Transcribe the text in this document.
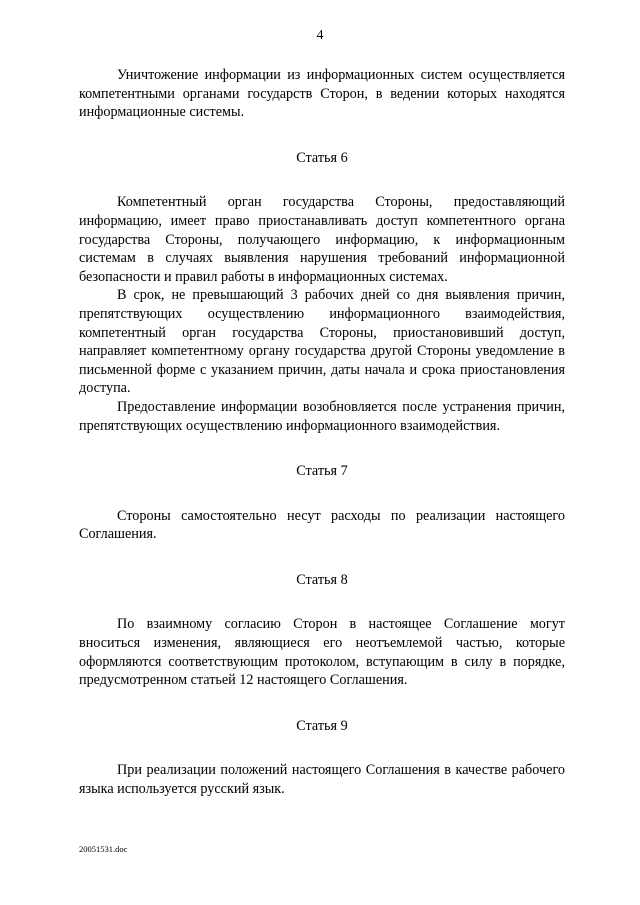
4

Уничтожение информации из информационных систем осуществляется компетентными органами государств Сторон, в ведении которых находятся информационные системы.

Статья 6

Компетентный орган государства Стороны, предоставляющий информацию, имеет право приостанавливать доступ компетентного органа государства Стороны, получающего информацию, к информационным системам в случаях выявления нарушения требований информационной безопасности и правил работы в информационных системах.

В срок, не превышающий 3 рабочих дней со дня выявления причин, препятствующих осуществлению информационного взаимодействия, компетентный орган государства Стороны, приостановивший доступ, направляет компетентному органу государства другой Стороны уведомление в письменной форме с указанием причин, даты начала и срока приостановления доступа.

Предоставление информации возобновляется после устранения причин, препятствующих осуществлению информационного взаимодействия.

Статья 7

Стороны самостоятельно несут расходы по реализации настоящего Соглашения.

Статья 8

По взаимному согласию Сторон в настоящее Соглашение могут вноситься изменения, являющиеся его неотъемлемой частью, которые оформляются соответствующим протоколом, вступающим в силу в порядке, предусмотренном статьей 12 настоящего Соглашения.

Статья 9

При реализации положений настоящего Соглашения в качестве рабочего языка используется русский язык.

20051531.doc
